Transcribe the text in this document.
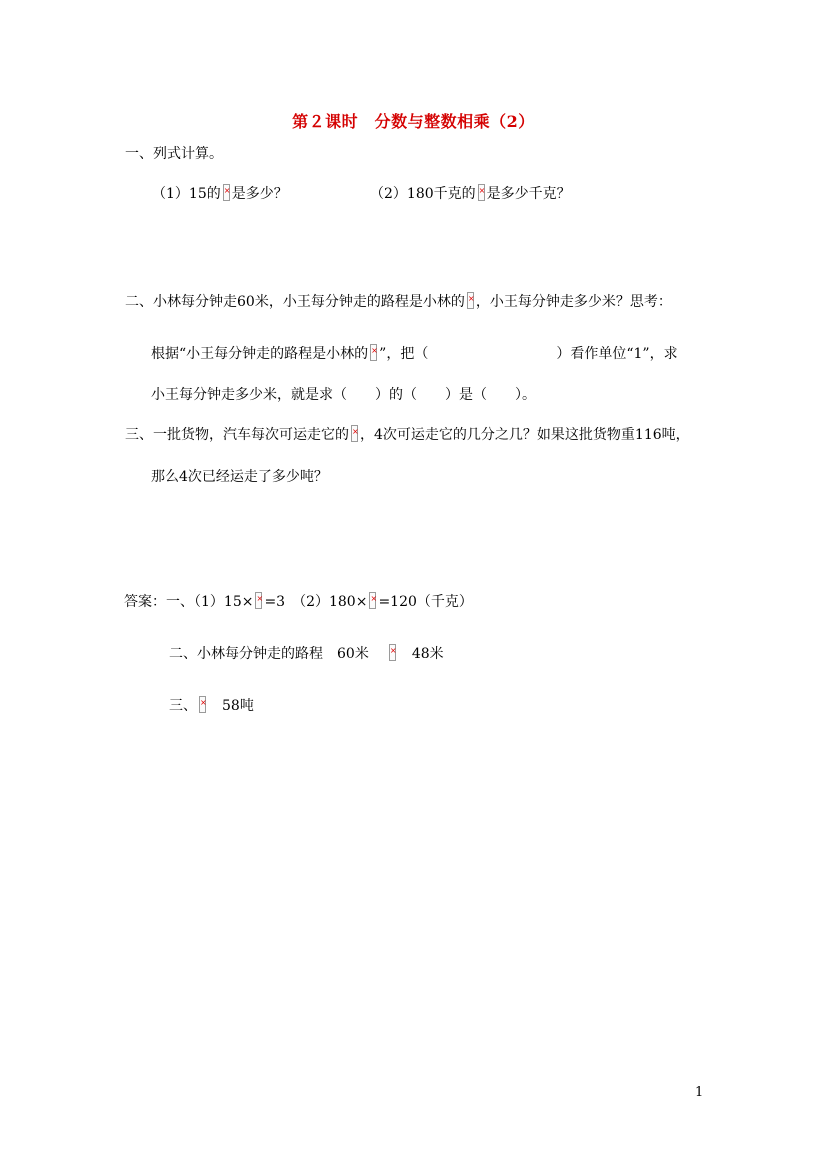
第２课时　分数与整数相乘（2）
一、列式计算。
（1）15的 × 是多少？	（2）180千克的 × 是多少千克？
二、小林每分钟走60米，小王每分钟走的路程是小林的 × ，小王每分钟走多少米？思考：
根据“小王每分钟走的路程是小林的 × ”，把（	）看作单位“1”，求
小王每分钟走多少米，就是求（　　）的（　　）是（　　）。
三、一批货物，汽车每次可运走它的 × ，4次可运走它的几分之几？如果这批货物重116吨，
那么4次已经运走了多少吨？
答案：一、（1）15× × =3　（2）180× × =120（千克）
二、小林每分钟走的路程　60米 ×	48米
三、 × 58吨
1
